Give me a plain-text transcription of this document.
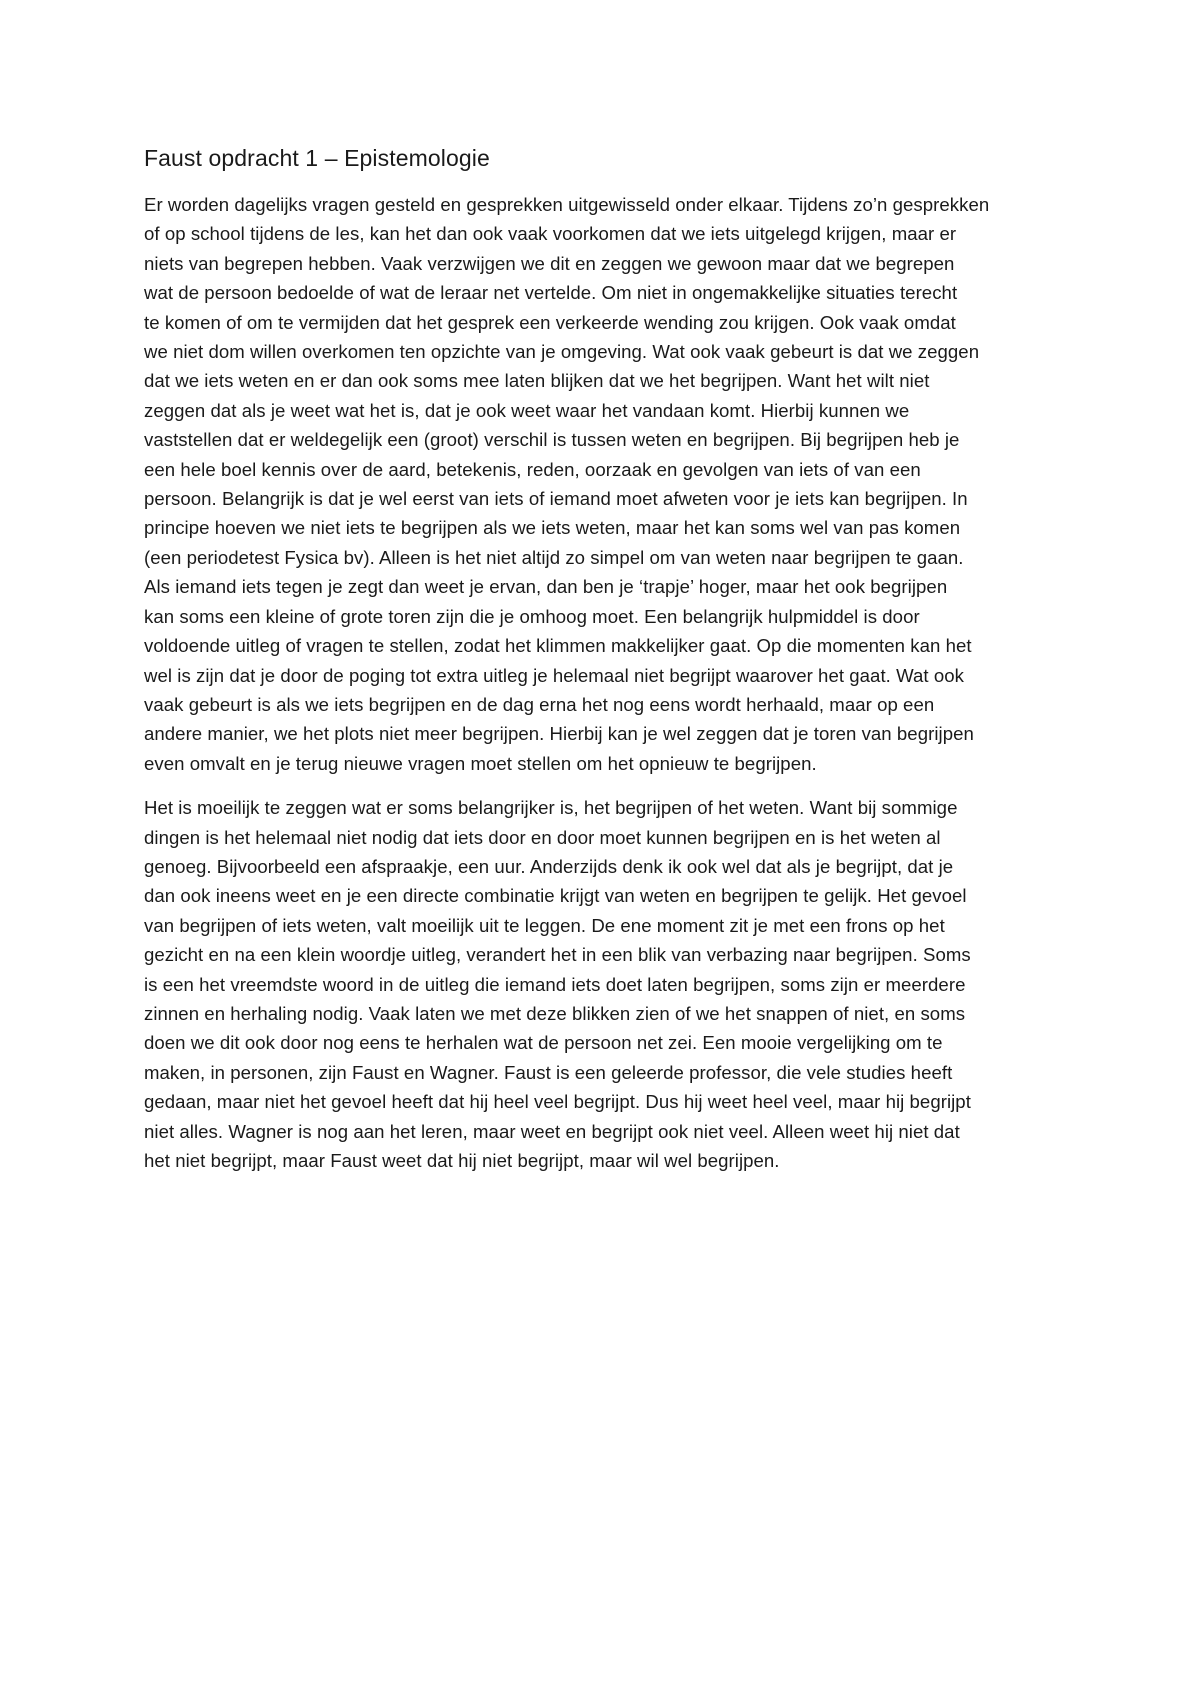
Faust opdracht 1 – Epistemologie

Er worden dagelijks vragen gesteld en gesprekken uitgewisseld onder elkaar. Tijdens zo’n gesprekken
of op school tijdens de les, kan het dan ook vaak voorkomen dat we iets uitgelegd krijgen, maar er
niets van begrepen hebben. Vaak verzwijgen we dit en zeggen we gewoon maar dat we begrepen
wat de persoon bedoelde of wat de leraar net vertelde. Om niet in ongemakkelijke situaties terecht
te komen of om te vermijden dat het gesprek een verkeerde wending zou krijgen. Ook vaak omdat
we niet dom willen overkomen ten opzichte van je omgeving. Wat ook vaak gebeurt is dat we zeggen
dat we iets weten en er dan ook soms mee laten blijken dat we het begrijpen. Want het wilt niet
zeggen dat als je weet wat het is, dat je ook weet waar het vandaan komt. Hierbij kunnen we
vaststellen dat er weldegelijk een (groot) verschil is tussen weten en begrijpen. Bij begrijpen heb je
een hele boel kennis over de aard, betekenis, reden, oorzaak en gevolgen van iets of van een
persoon. Belangrijk is dat je wel eerst van iets of iemand moet afweten voor je iets kan begrijpen. In
principe hoeven we niet iets te begrijpen als we iets weten, maar het kan soms wel van pas komen
(een periodetest Fysica bv). Alleen is het niet altijd zo simpel om van weten naar begrijpen te gaan.
Als iemand iets tegen je zegt dan weet je ervan, dan ben je ‘trapje’ hoger, maar het ook begrijpen
kan soms een kleine of grote toren zijn die je omhoog moet. Een belangrijk hulpmiddel is door
voldoende uitleg of vragen te stellen, zodat het klimmen makkelijker gaat. Op die momenten kan het
wel is zijn dat je door de poging tot extra uitleg je helemaal niet begrijpt waarover het gaat. Wat ook
vaak gebeurt is als we iets begrijpen en de dag erna het nog eens wordt herhaald, maar op een
andere manier, we het plots niet meer begrijpen. Hierbij kan je wel zeggen dat je toren van begrijpen
even omvalt en je terug nieuwe vragen moet stellen om het opnieuw te begrijpen.

Het is moeilijk te zeggen wat er soms belangrijker is, het begrijpen of het weten. Want bij sommige
dingen is het helemaal niet nodig dat iets door en door moet kunnen begrijpen en is het weten al
genoeg. Bijvoorbeeld een afspraakje, een uur. Anderzijds denk ik ook wel dat als je begrijpt, dat je
dan ook ineens weet en je een directe combinatie krijgt van weten en begrijpen te gelijk. Het gevoel
van begrijpen of iets weten, valt moeilijk uit te leggen. De ene moment zit je met een frons op het
gezicht en na een klein woordje uitleg, verandert het in een blik van verbazing naar begrijpen. Soms
is een het vreemdste woord in de uitleg die iemand iets doet laten begrijpen, soms zijn er meerdere
zinnen en herhaling nodig. Vaak laten we met deze blikken zien of we het snappen of niet, en soms
doen we dit ook door nog eens te herhalen wat de persoon net zei. Een mooie vergelijking om te
maken, in personen, zijn Faust en Wagner. Faust is een geleerde professor, die vele studies heeft
gedaan, maar niet het gevoel heeft dat hij heel veel begrijpt. Dus hij weet heel veel, maar hij begrijpt
niet alles. Wagner is nog aan het leren, maar weet en begrijpt ook niet veel. Alleen weet hij niet dat
het niet begrijpt, maar Faust weet dat hij niet begrijpt, maar wil wel begrijpen.
